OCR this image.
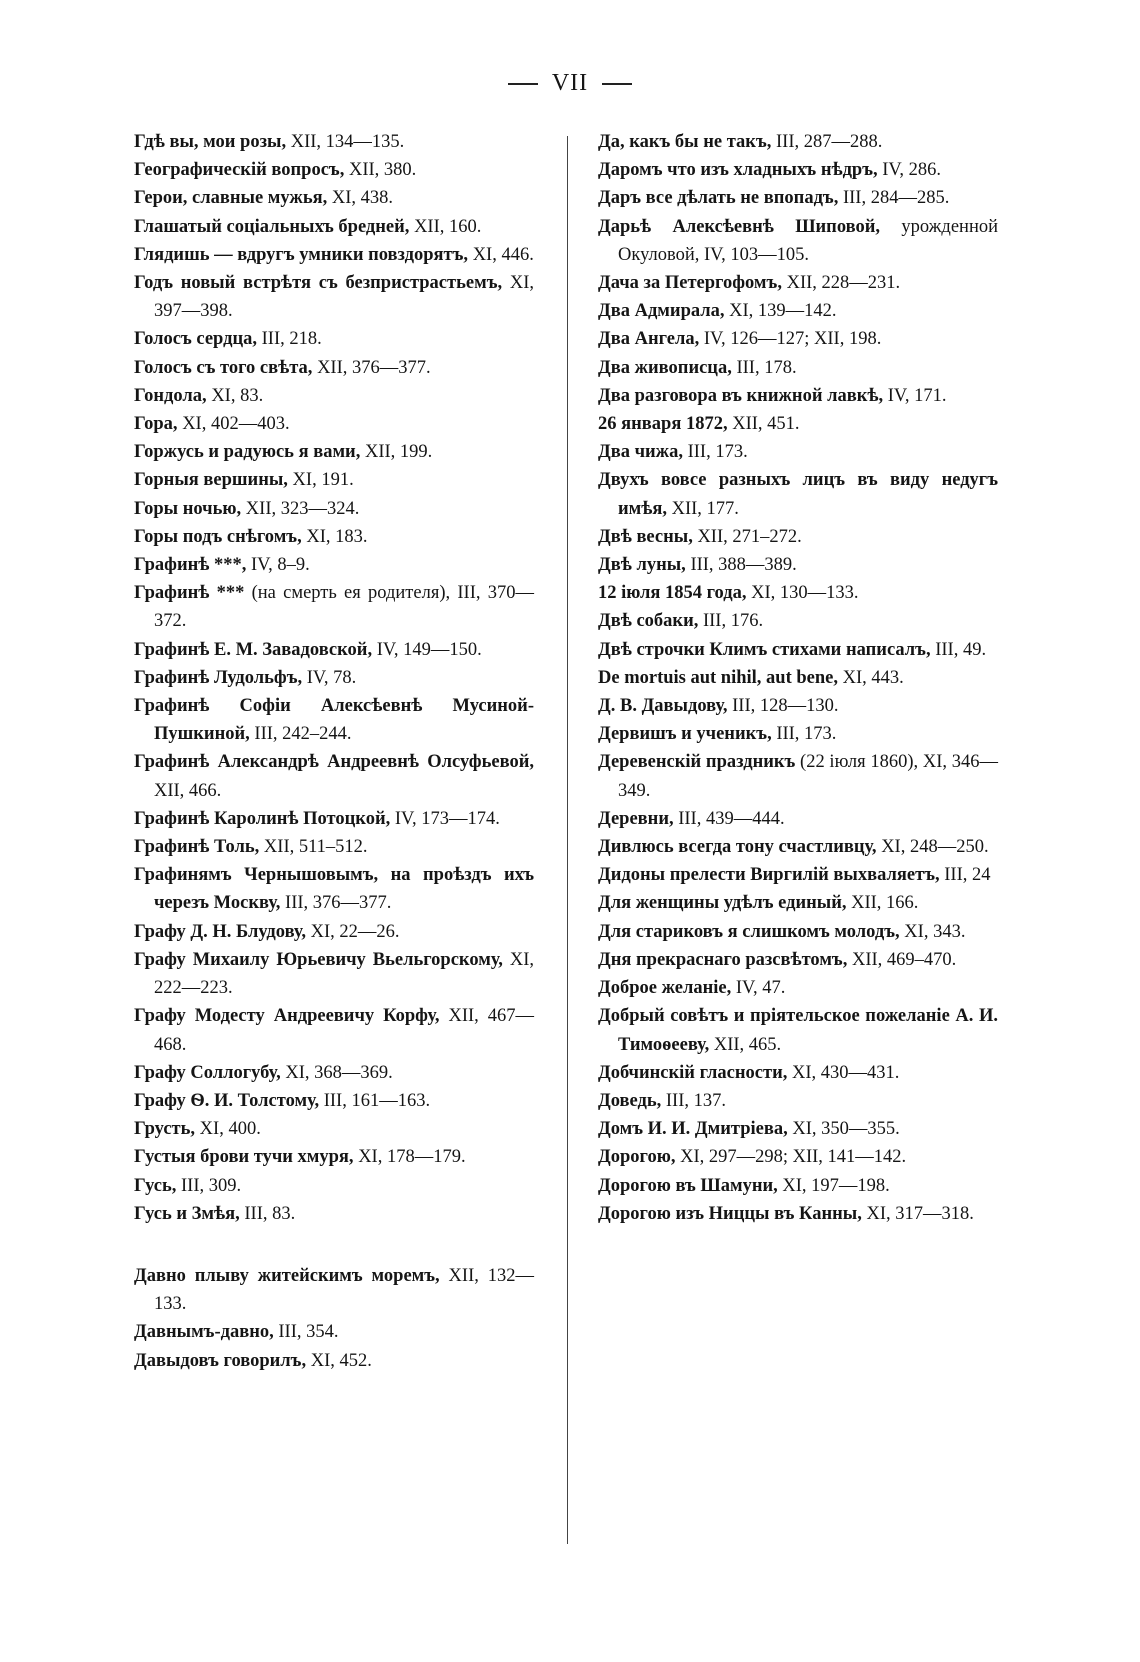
VII
Гдѣ вы, мои розы, XII, 134—135.
Географическій вопросъ, XII, 380.
Герои, славные мужья, XI, 438.
Глашатый соціальныхъ бредней, XII, 160.
Глядишь — вдругъ умники повздорятъ, XI, 446.
Годъ новый встрѣтя съ безпристрастьемъ, XI, 397—398.
Голосъ сердца, III, 218.
Голосъ съ того свѣта, XII, 376—377.
Гондола, XI, 83.
Гора, XI, 402—403.
Горжусь и радуюсь я вами, XII, 199.
Горныя вершины, XI, 191.
Горы ночью, XII, 323—324.
Горы подъ снѣгомъ, XI, 183.
Графинѣ ***, IV, 8–9.
Графинѣ *** (на смерть ея родителя), III, 370—372.
Графинѣ Е. М. Завадовской, IV, 149—150.
Графинѣ Лудольфъ, IV, 78.
Графинѣ Софіи Алексѣевнѣ Мусиной-Пушкиной, III, 242–244.
Графинѣ Александрѣ Андреевнѣ Олсуфьевой, XII, 466.
Графинѣ Каролинѣ Потоцкой, IV, 173—174.
Графинѣ Толь, XII, 511–512.
Графинямъ Чернышовымъ, на проѣздъ ихъ черезъ Москву, III, 376—377.
Графу Д. Н. Блудову, XI, 22—26.
Графу Михаилу Юрьевичу Вьельгорскому, XI, 222—223.
Графу Модесту Андреевичу Корфу, XII, 467—468.
Графу Соллогубу, XI, 368—369.
Графу Ѳ. И. Толстому, III, 161—163.
Грусть, XI, 400.
Густыя брови тучи хмуря, XI, 178—179.
Гусь, III, 309.
Гусь и Змѣя, III, 83.
Давно плыву житейскимъ моремъ, XII, 132—133.
Давнымъ-давно, III, 354.
Давыдовъ говорилъ, XI, 452.
Да, какъ бы не такъ, III, 287—288.
Даромъ что изъ хладныхъ нѣдръ, IV, 286.
Даръ все дѣлать не впопадъ, III, 284—285.
Дарьѣ Алексѣевнѣ Шиповой, урожденной Окуловой, IV, 103—105.
Дача за Петергофомъ, XII, 228—231.
Два Адмирала, XI, 139—142.
Два Ангела, IV, 126—127; XII, 198.
Два живописца, III, 178.
Два разговора въ книжной лавкѣ, IV, 171.
26 января 1872, XII, 451.
Два чижа, III, 173.
Двухъ вовсе разныхъ лицъ въ виду недугъ имѣя, XII, 177.
Двѣ весны, XII, 271–272.
Двѣ луны, III, 388—389.
12 іюля 1854 года, XI, 130—133.
Двѣ собаки, III, 176.
Двѣ строчки Климъ стихами написалъ, III, 49.
De mortuis aut nihil, aut bene, XI, 443.
Д. В. Давыдову, III, 128—130.
Дервишъ и ученикъ, III, 173.
Деревенскій праздникъ (22 іюля 1860), XI, 346—349.
Деревни, III, 439—444.
Дивлюсь всегда тону счастливцу, XI, 248—250.
Дидоны прелести Виргилій выхваляетъ, III, 24
Для женщины удѣлъ единый, XII, 166.
Для стариковъ я слишкомъ молодъ, XI, 343.
Дня прекраснаго разсвѣтомъ, XII, 469–470.
Доброе желаніе, IV, 47.
Добрый совѣтъ и пріятельское пожеланіе А. И. Тимоѳееву, XII, 465.
Добчинскій гласности, XI, 430—431.
Доведь, III, 137.
Домъ И. И. Дмитріева, XI, 350—355.
Дорогою, XI, 297—298; XII, 141—142.
Дорогою въ Шамуни, XI, 197—198.
Дорогою изъ Ниццы въ Канны, XI, 317—318.
